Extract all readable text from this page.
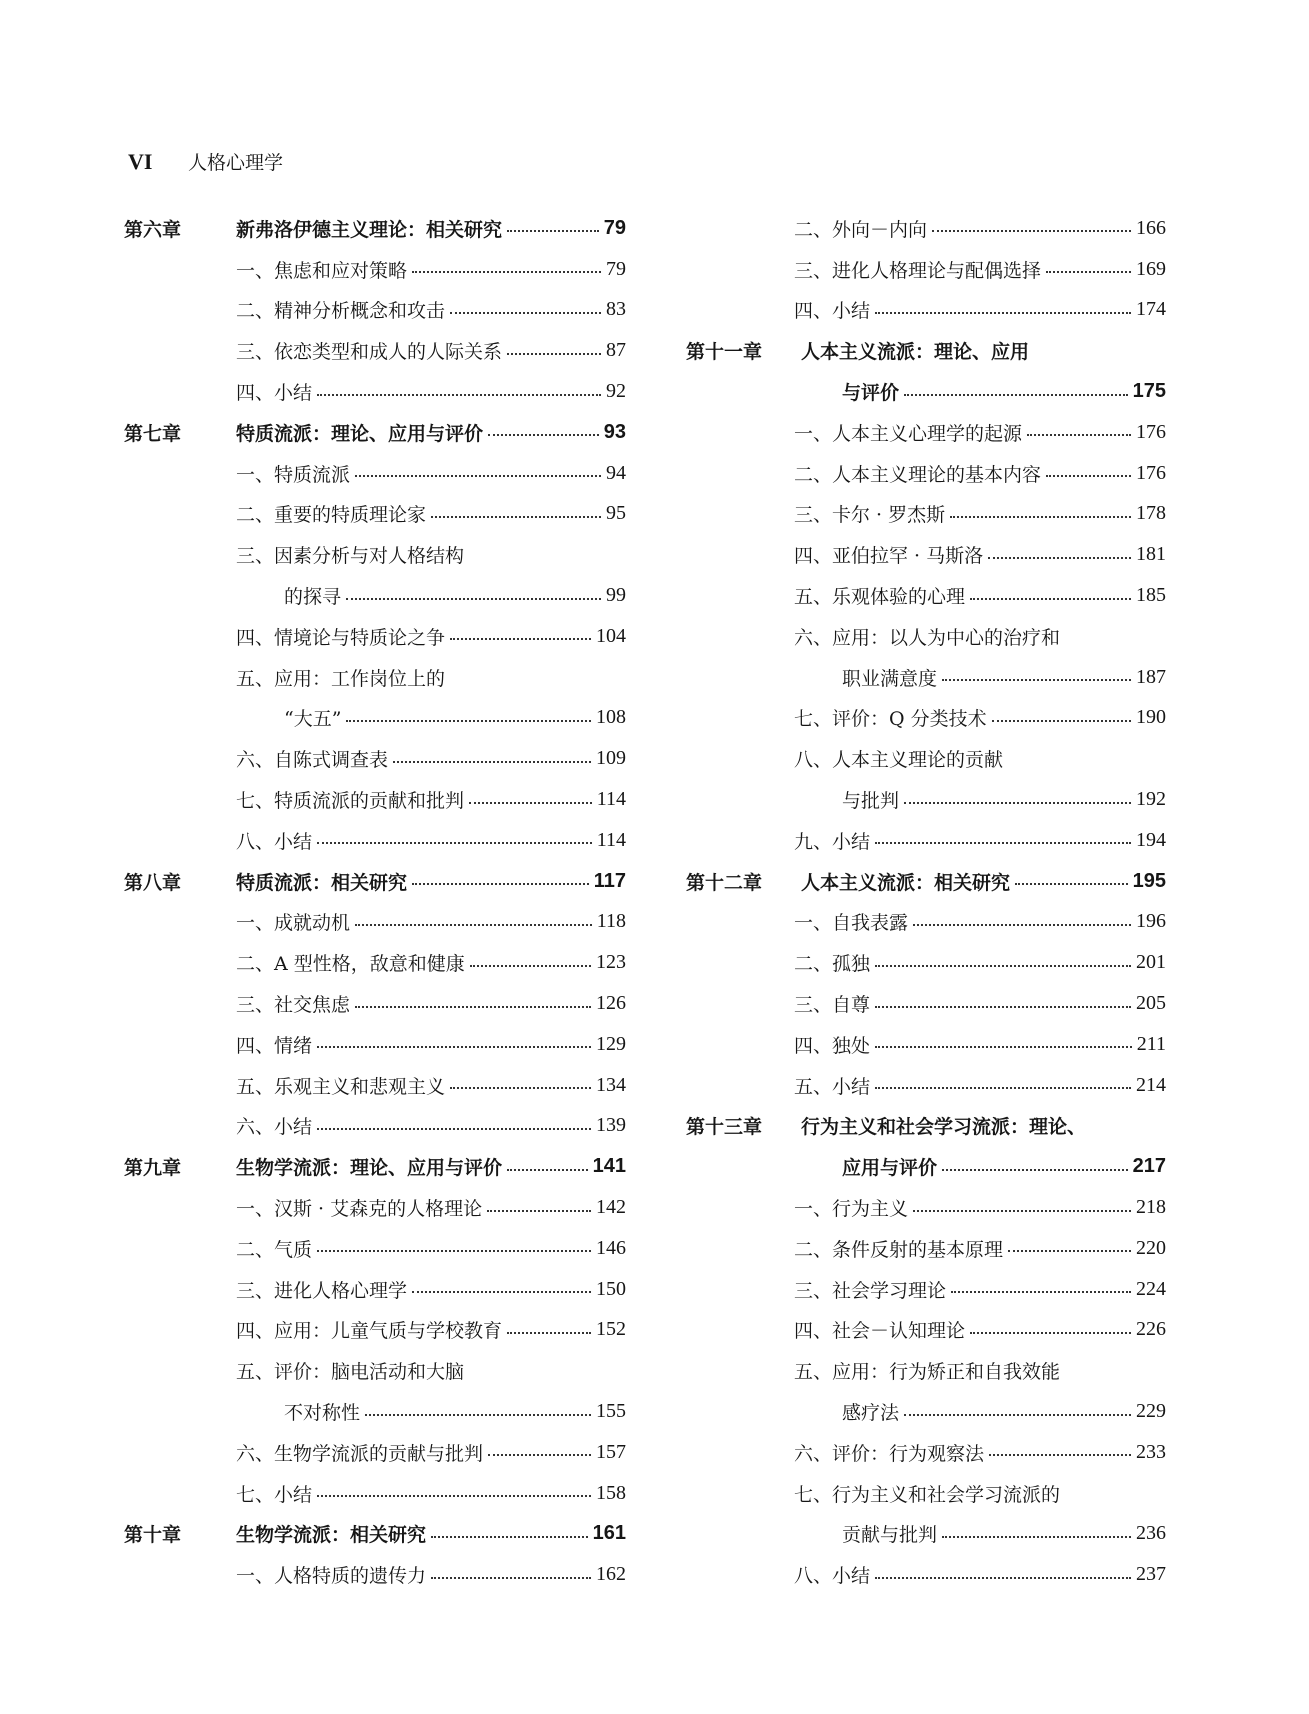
VI	人格心理学
第六章	新弗洛伊德主义理论：相关研究	79
一、焦虑和应对策略	79
二、精神分析概念和攻击	83
三、依恋类型和成人的人际关系	87
四、小结	92
第七章	特质流派：理论、应用与评价	93
一、特质流派	94
二、重要的特质理论家	95
三、因素分析与对人格结构
的探寻	99
四、情境论与特质论之争	104
五、应用：工作岗位上的
“大五”	108
六、自陈式调查表	109
七、特质流派的贡献和批判	114
八、小结	114
第八章	特质流派：相关研究	117
一、成就动机	118
二、A 型性格，敌意和健康	123
三、社交焦虑	126
四、情绪	129
五、乐观主义和悲观主义	134
六、小结	139
第九章	生物学流派：理论、应用与评价	141
一、汉斯 · 艾森克的人格理论	142
二、气质	146
三、进化人格心理学	150
四、应用：儿童气质与学校教育	152
五、评价：脑电活动和大脑
不对称性	155
六、生物学流派的贡献与批判	157
七、小结	158
第十章	生物学流派：相关研究	161
一、人格特质的遗传力	162
二、外向－内向	166
三、进化人格理论与配偶选择	169
四、小结	174
第十一章	人本主义流派：理论、应用
与评价	175
一、人本主义心理学的起源	176
二、人本主义理论的基本内容	176
三、卡尔 · 罗杰斯	178
四、亚伯拉罕 · 马斯洛	181
五、乐观体验的心理	185
六、应用：以人为中心的治疗和
职业满意度	187
七、评价：Q 分类技术	190
八、人本主义理论的贡献
与批判	192
九、小结	194
第十二章	人本主义流派：相关研究	195
一、自我表露	196
二、孤独	201
三、自尊	205
四、独处	211
五、小结	214
第十三章	行为主义和社会学习流派：理论、
应用与评价	217
一、行为主义	218
二、条件反射的基本原理	220
三、社会学习理论	224
四、社会－认知理论	226
五、应用：行为矫正和自我效能
感疗法	229
六、评价：行为观察法	233
七、行为主义和社会学习流派的
贡献与批判	236
八、小结	237
